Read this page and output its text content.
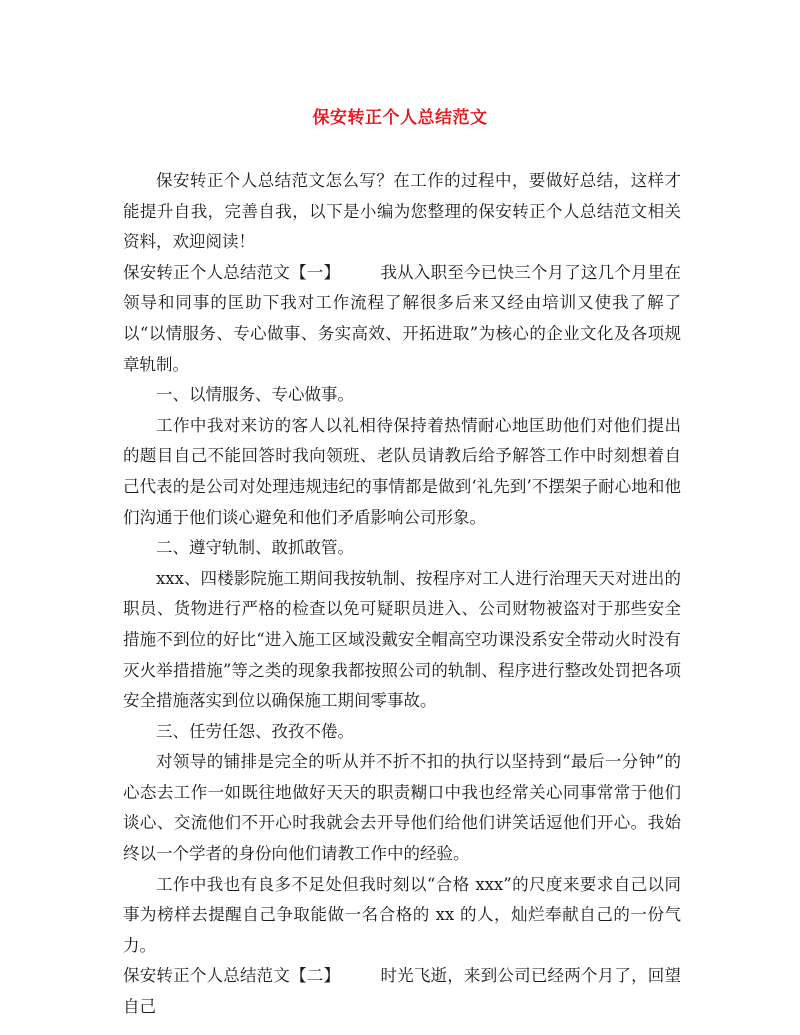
保安转正个人总结范文

保安转正个人总结范文怎么写？在工作的过程中，要做好总结，这样才能提升自我，完善自我，以下是小编为您整理的保安转正个人总结范文相关资料，欢迎阅读！

保安转正个人总结范文【一】 我从入职至今已快三个月了这几个月里在领导和同事的匡助下我对工作流程了解很多后来又经由培训又使我了解了以“以情服务、专心做事、务实高效、开拓进取”为核心的企业文化及各项规章轨制。

一、以情服务、专心做事。

工作中我对来访的客人以礼相待保持着热情耐心地匡助他们对他们提出的题目自己不能回答时我向领班、老队员请教后给予解答工作中时刻想着自己代表的是公司对处理违规违纪的事情都是做到‘礼先到’不摆架子耐心地和他们沟通于他们谈心避免和他们矛盾影响公司形象。

二、遵守轨制、敢抓敢管。

xxx、四楼影院施工期间我按轨制、按程序对工人进行治理天天对进出的职员、货物进行严格的检查以免可疑职员进入、公司财物被盗对于那些安全措施不到位的好比“进入施工区域没戴安全帽高空功课没系安全带动火时没有灭火举措措施”等之类的现象我都按照公司的轨制、程序进行整改处罚把各项安全措施落实到位以确保施工期间零事故。

三、任劳任怨、孜孜不倦。

对领导的铺排是完全的听从并不折不扣的执行以坚持到“最后一分钟”的心态去工作一如既往地做好天天的职责糊口中我也经常关心同事常常于他们谈心、交流他们不开心时我就会去开导他们给他们讲笑话逗他们开心。我始终以一个学者的身份向他们请教工作中的经验。

工作中我也有良多不足处但我时刻以“合格 xxx”的尺度来要求自己以同事为榜样去提醒自己争取能做一名合格的 xx 的人，灿烂奉献自己的一份气力。

保安转正个人总结范文【二】 时光飞逝，来到公司已经两个月了，回望自己
